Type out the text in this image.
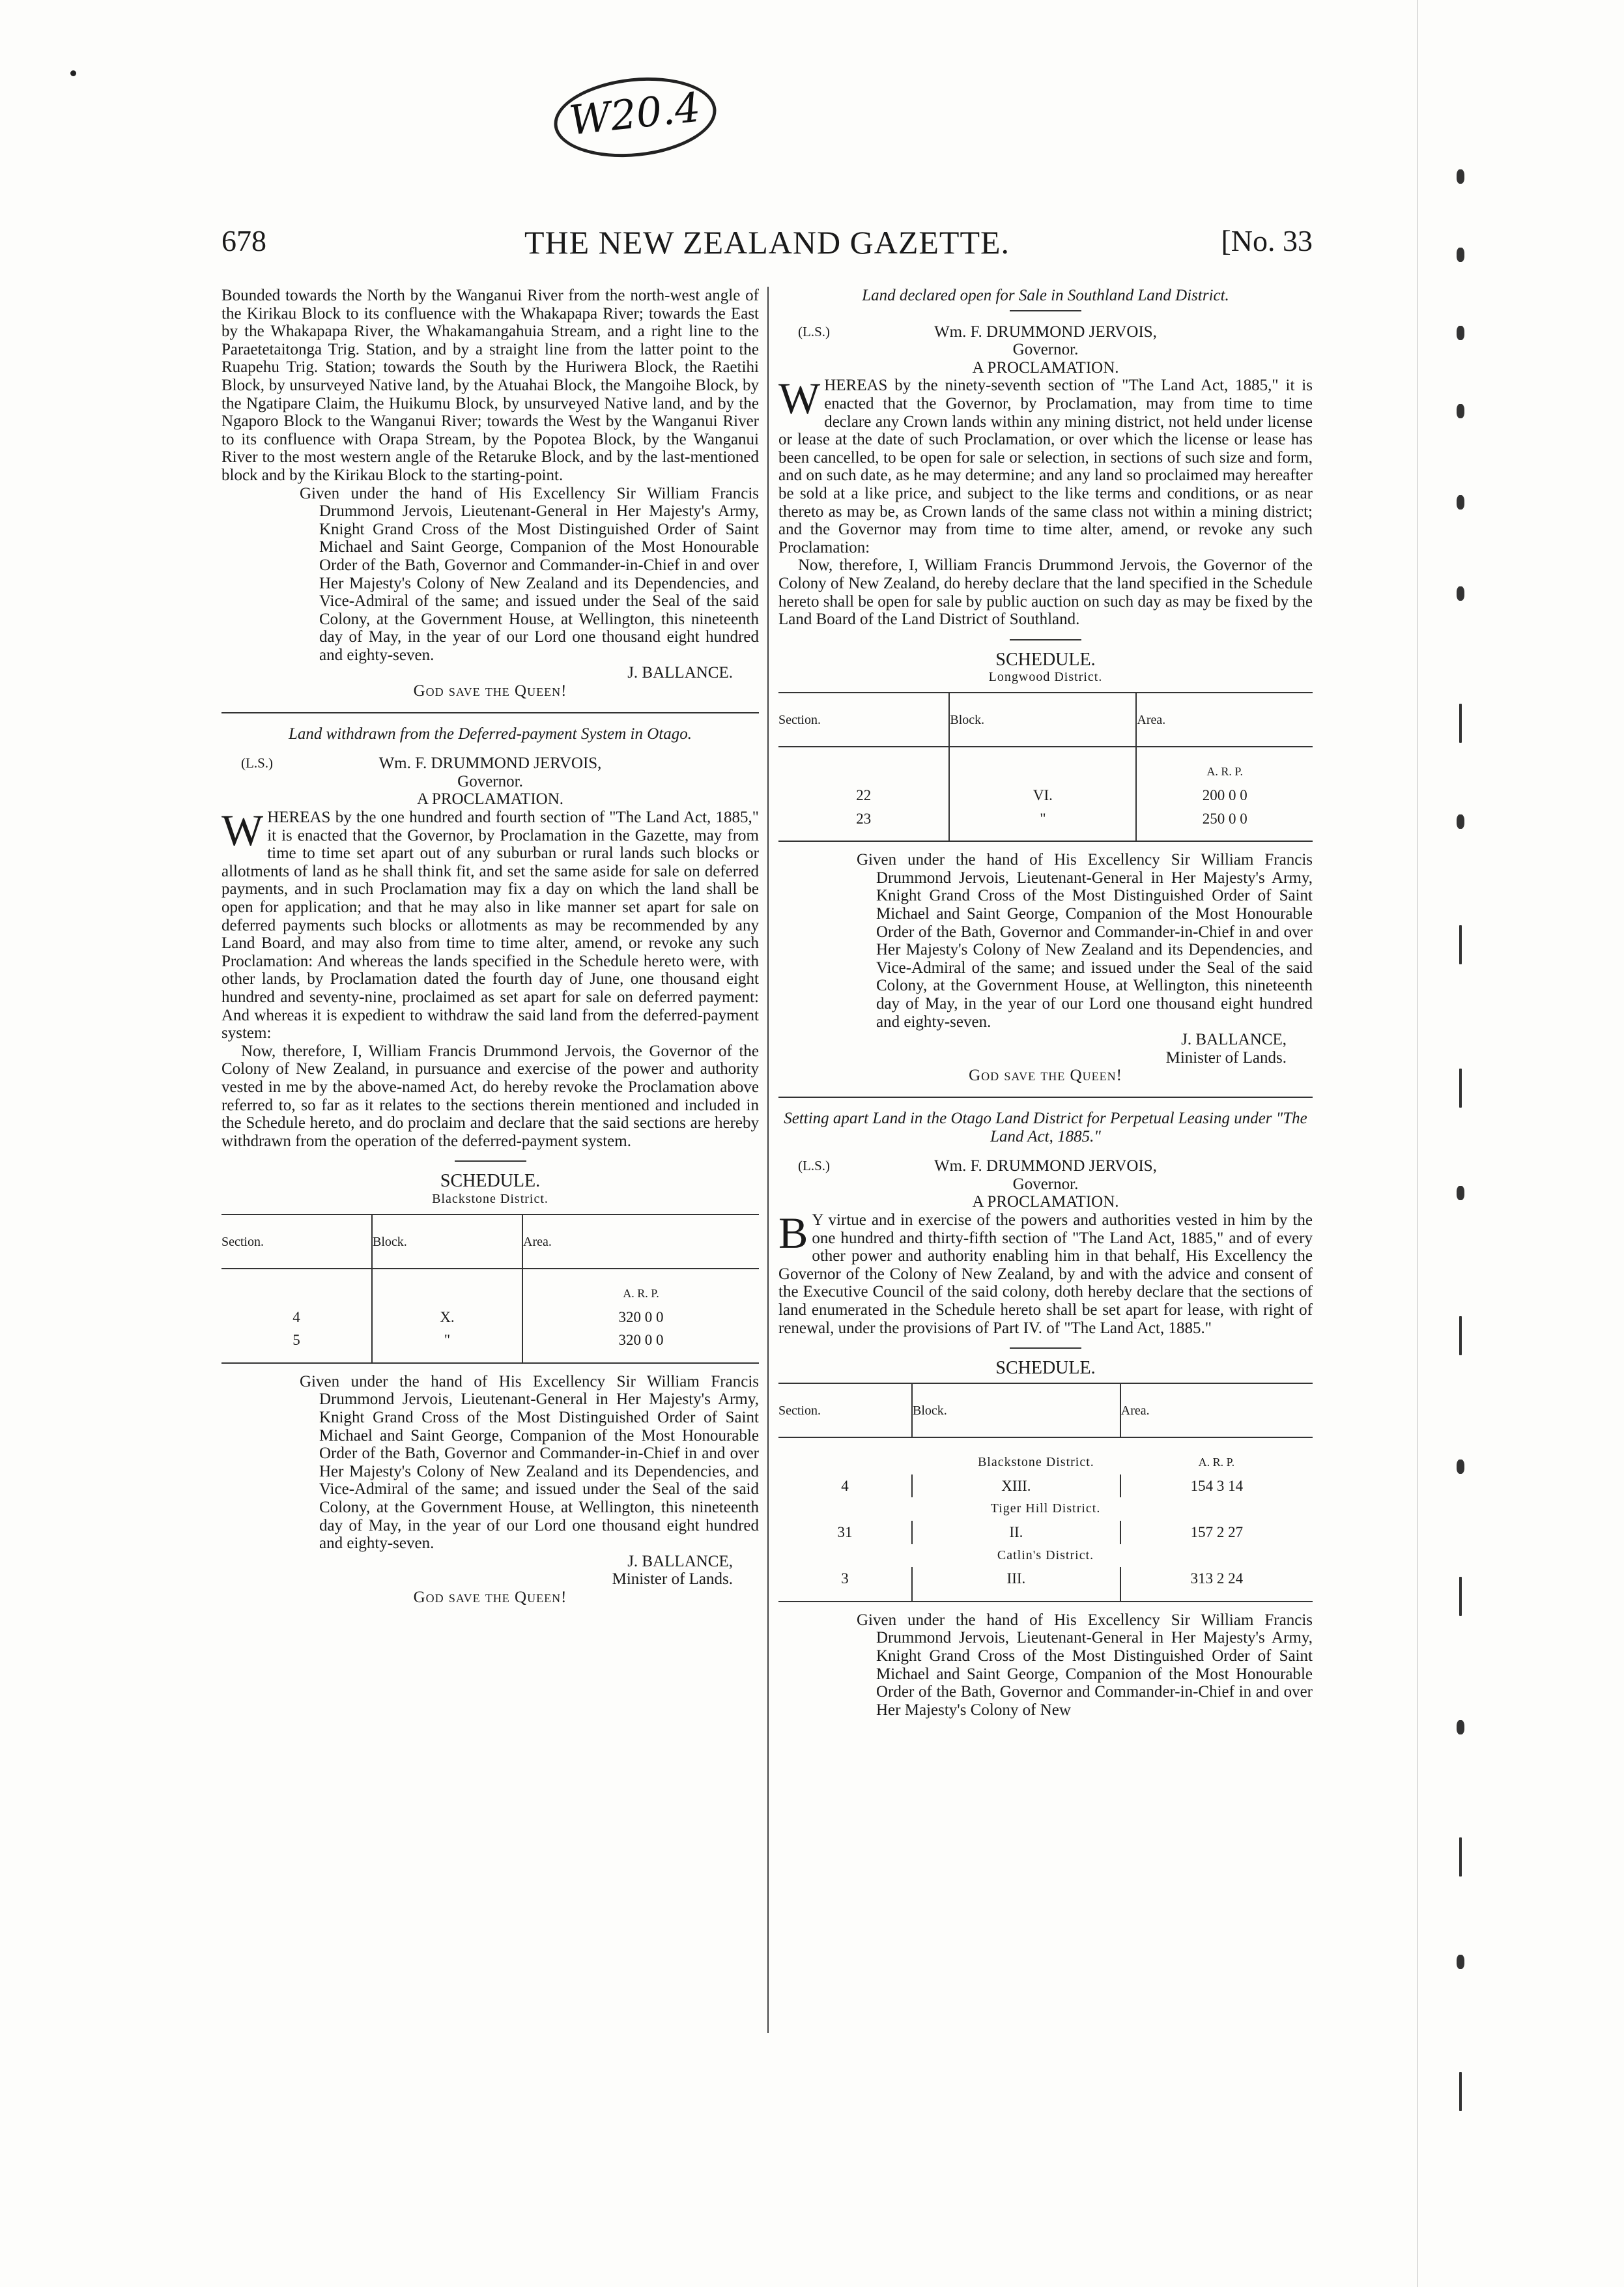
W20.4
678	THE NEW ZEALAND GAZETTE.	[No. 33

Bounded towards the North by the Wanganui River from the north-west angle of the Kirikau Block to its confluence with the Whakapapa River; towards the East by the Whakapapa River, the Whakamangahuia Stream, and a right line to the Paraetetaitonga Trig. Station, and by a straight line from the latter point to the Ruapehu Trig. Station; towards the South by the Huriwera Block, the Raetihi Block, by unsurveyed Native land, by the Atuahai Block, the Mangoihe Block, by the Ngatipare Claim, the Huikumu Block, by unsurveyed Native land, and by the Ngaporo Block to the Wanganui River; towards the West by the Wanganui River to its confluence with Orapa Stream, by the Popotea Block, by the Wanganui River to the most western angle of the Retaruke Block, and by the last-mentioned block and by the Kirikau Block to the starting-point.

Given under the hand of His Excellency Sir William Francis Drummond Jervois, Lieutenant-General in Her Majesty's Army, Knight Grand Cross of the Most Distinguished Order of Saint Michael and Saint George, Companion of the Most Honourable Order of the Bath, Governor and Commander-in-Chief in and over Her Majesty's Colony of New Zealand and its Dependencies, and Vice-Admiral of the same; and issued under the Seal of the said Colony, at the Government House, at Wellington, this nineteenth day of May, in the year of our Lord one thousand eight hundred and eighty-seven.

J. BALLANCE.

God save the Queen!

Land withdrawn from the Deferred-payment System in Otago.

(L.S.)	Wm. F. DRUMMOND JERVOIS,

Governor.

A PROCLAMATION.

WHEREAS by the one hundred and fourth section of "The Land Act, 1885," it is enacted that the Governor, by Proclamation in the Gazette, may from time to time set apart out of any suburban or rural lands such blocks or allotments of land as he shall think fit, and set the same aside for sale on deferred payments, and in such Proclamation may fix a day on which the land shall be open for application; and that he may also in like manner set apart for sale on deferred payments such blocks or allotments as may be recommended by any Land Board, and may also from time to time alter, amend, or revoke any such Proclamation: And whereas the lands specified in the Schedule hereto were, with other lands, by Proclamation dated the fourth day of June, one thousand eight hundred and seventy-nine, proclaimed as set apart for sale on deferred payment: And whereas it is expedient to withdraw the said land from the deferred-payment system:

Now, therefore, I, William Francis Drummond Jervois, the Governor of the Colony of New Zealand, in pursuance and exercise of the power and authority vested in me by the above-named Act, do hereby revoke the Proclamation above referred to, so far as it relates to the sections therein mentioned and included in the Schedule hereto, and do proclaim and declare that the said sections are hereby withdrawn from the operation of the deferred-payment system.

SCHEDULE.
Blackstone District.
Section.	Block.	Area.
		A. R. P.
4	X.	320 0 0
5	"	320 0 0

Given under the hand of His Excellency Sir William Francis Drummond Jervois, Lieutenant-General in Her Majesty's Army, Knight Grand Cross of the Most Distinguished Order of Saint Michael and Saint George, Companion of the Most Honourable Order of the Bath, Governor and Commander-in-Chief in and over Her Majesty's Colony of New Zealand and its Dependencies, and Vice-Admiral of the same; and issued under the Seal of the said Colony, at the Government House, at Wellington, this nineteenth day of May, in the year of our Lord one thousand eight hundred and eighty-seven.

J. BALLANCE,

Minister of Lands.

God save the Queen!

Land declared open for Sale in Southland Land District.

(L.S.)	Wm. F. DRUMMOND JERVOIS,

Governor.

A PROCLAMATION.

WHEREAS by the ninety-seventh section of "The Land Act, 1885," it is enacted that the Governor, by Proclamation, may from time to time declare any Crown lands within any mining district, not held under license or lease at the date of such Proclamation, or over which the license or lease has been cancelled, to be open for sale or selection, in sections of such size and form, and on such date, as he may determine; and any land so proclaimed may hereafter be sold at a like price, and subject to the like terms and conditions, or as near thereto as may be, as Crown lands of the same class not within a mining district; and the Governor may from time to time alter, amend, or revoke any such Proclamation:

Now, therefore, I, William Francis Drummond Jervois, the Governor of the Colony of New Zealand, do hereby declare that the land specified in the Schedule hereto shall be open for sale by public auction on such day as may be fixed by the Land Board of the Land District of Southland.

SCHEDULE.
Longwood District.
Section.	Block.	Area.
		A. R. P.
22	VI.	200 0 0
23	"	250 0 0

Given under the hand of His Excellency Sir William Francis Drummond Jervois, Lieutenant-General in Her Majesty's Army, Knight Grand Cross of the Most Distinguished Order of Saint Michael and Saint George, Companion of the Most Honourable Order of the Bath, Governor and Commander-in-Chief in and over Her Majesty's Colony of New Zealand and its Dependencies, and Vice-Admiral of the same; and issued under the Seal of the said Colony, at the Government House, at Wellington, this nineteenth day of May, in the year of our Lord one thousand eight hundred and eighty-seven.

J. BALLANCE,

Minister of Lands.

God save the Queen!

Setting apart Land in the Otago Land District for Perpetual Leasing under "The Land Act, 1885."

(L.S.)	Wm. F. DRUMMOND JERVOIS,

Governor.

A PROCLAMATION.

B Y virtue and in exercise of the powers and authorities vested in him by the one hundred and thirty-fifth section of "The Land Act, 1885," and of every other power and authority enabling him in that behalf, His Excellency the Governor of the Colony of New Zealand, by and with the advice and consent of the Executive Council of the said colony, doth hereby declare that the sections of land enumerated in the Schedule hereto shall be set apart for lease, with right of renewal, under the provisions of Part IV. of "The Land Act, 1885."

SCHEDULE.
Section.	Block.	Area.
Blackstone District.		A. R. P.
4	XIII.	154 3 14
Tiger Hill District.		
31	II.	157 2 27
Catlin's District.		
3	III.	313 2 24

Given under the hand of His Excellency Sir William Francis Drummond Jervois, Lieutenant-General in Her Majesty's Army, Knight Grand Cross of the Most Distinguished Order of Saint Michael and Saint George, Companion of the Most Honourable Order of the Bath, Governor and Commander-in-Chief in and over Her Majesty's Colony of New
